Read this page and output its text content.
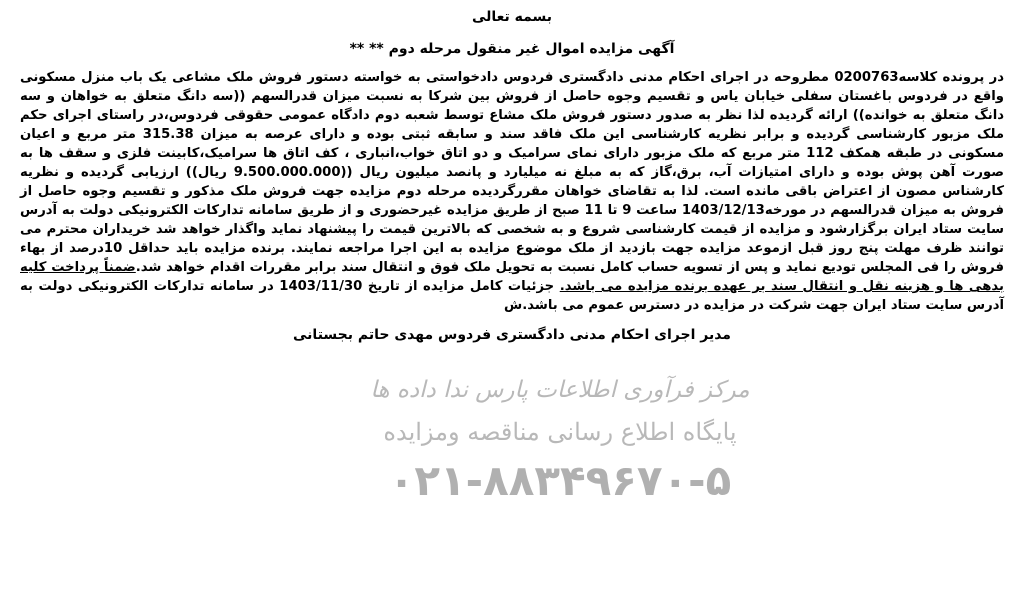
بسمه تعالی
آگهی مزایده اموال غیر منقول مرحله دوم ** **

در پرونده کلاسه0200763 مطروحه در اجرای احکام مدنی دادگستری فردوس دادخواستی به خواسته دستور فروش ملک مشاعی یک باب منزل مسکونی واقع در فردوس باغستان سفلی خیابان یاس و تقسیم وجوه حاصل از فروش بین شرکا به نسبت میزان قدرالسهم ((سه دانگ متعلق به خواهان و سه دانگ متعلق به خوانده)) ارائه گردیده لذا نظر به صدور دستور فروش ملک مشاع توسط شعبه دوم دادگاه عمومی حقوقی فردوس،در راستای اجرای حکم ملک مزبور کارشناسی گردیده و برابر نظریه کارشناسی این ملک فاقد سند و سابقه ثبتی بوده و دارای عرصه به میزان 315.38 متر مربع و اعیان مسکونی در طبقه همکف 112 متر مربع که ملک مزبور دارای نمای سرامیک و دو اتاق خواب،انباری ، کف اتاق ها سرامیک،کابینت فلزی و سقف ها به صورت آهن پوش بوده و دارای امتیازات آب، برق،گاز که به مبلغ نه میلیارد و پانصد میلیون ریال ((9.500.000.000 ریال)) ارزیابی گردیده و نظریه کارشناس مصون از اعتراض باقی مانده است. لذا به تقاضای خواهان مقررگردیده مرحله دوم مزایده جهت فروش ملک مذکور و تقسیم وجوه حاصل از فروش به میزان قدرالسهم در مورخه1403/12/13 ساعت 9 تا 11 صبح از طریق مزایده غیرحضوری و از طریق سامانه تدارکات الکترونیکی دولت به آدرس سایت ستاد ایران برگزارشود و مزایده از قیمت کارشناسی شروع و به شخصی که بالاترین قیمت را پیشنهاد نماید واگذار خواهد شد خریداران محترم می توانند ظرف مهلت پنج روز قبل ازموعد مزایده جهت بازدید از ملک موضوع مزایده به این اجرا مراجعه نمایند. برنده مزایده باید حداقل 10درصد از بهاء فروش را فی المجلس تودیع نماید و پس از تسویه حساب کامل نسبت به تحویل ملک فوق و انتقال سند برابر مقررات اقدام خواهد شد.ضمناً پرداخت کلیه بدهی ها و هزینه نقل و انتقال سند بر عهده برنده مزایده می باشد. جزئیات کامل مزایده از تاریخ 1403/11/30 در سامانه تدارکات الکترونیکی دولت به آدرس سایت ستاد ایران جهت شرکت در مزایده در دسترس عموم می باشد.ش

مدیر اجرای احکام مدنی دادگستری فردوس مهدی حاتم بجستانی
مرکز فرآوری اطلاعات پارس ندا داده ها
پایگاه اطلاع رسانی مناقصه ومزایده
۰۲۱-۸۸۳۴۹۶۷۰-۵
